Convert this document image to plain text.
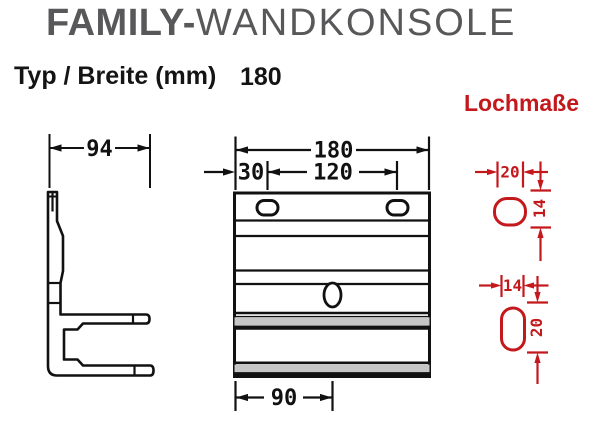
FAMILY-WANDKONSOLE
Typ / Breite (mm) 180
Lochmaße
94	180
30 120
90
20
14
14
20
